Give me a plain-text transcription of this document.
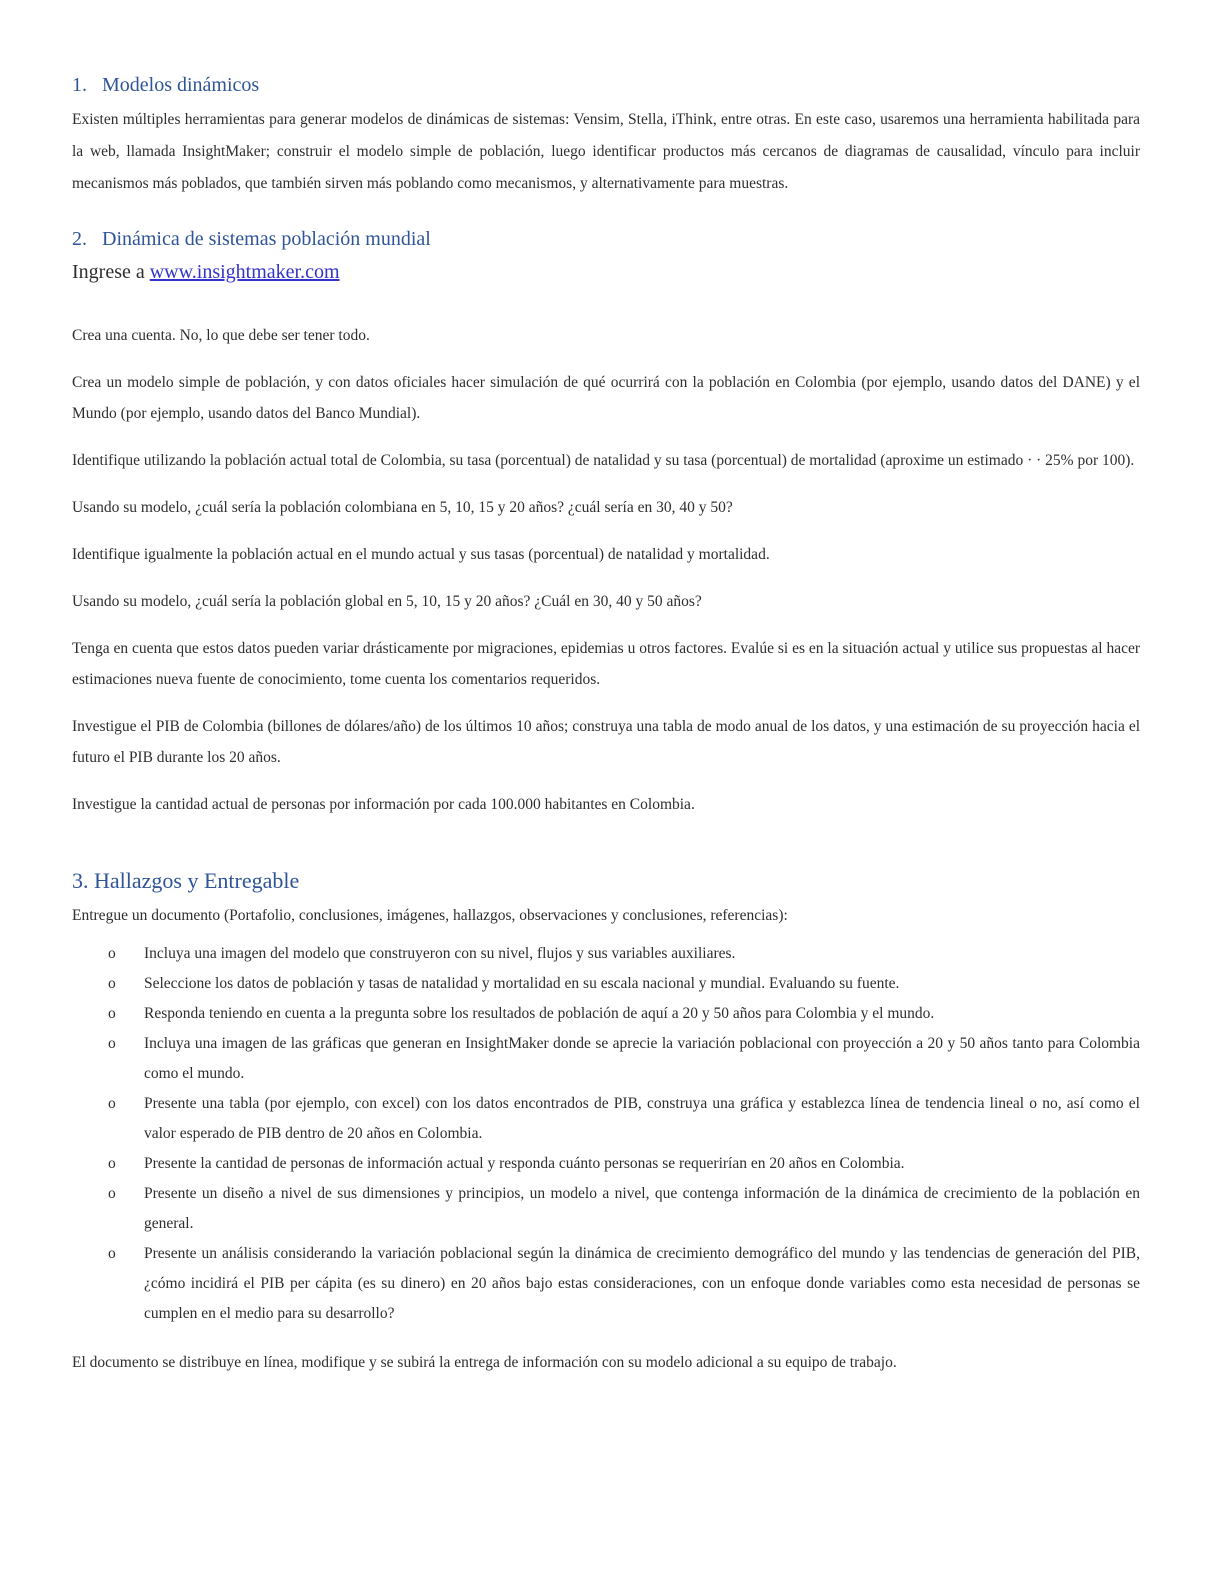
1. Modelos dinámicos

Existen múltiples herramientas para generar modelos de dinámicas de sistemas: Vensim, Stella, iThink, entre otras. En este caso, usaremos una herramienta habilitada para la web, llamada InsightMaker; construir el modelo simple de población, luego identificar productos más cercanos de diagramas de causalidad, vínculo para incluir mecanismos más poblados, que también sirven más poblando como mecanismos, y alternativamente para muestras.

2. Dinámica de sistemas población mundial
Ingrese a www.insightmaker.com

Crea una cuenta. No, lo que debe ser tener todo.

Crea un modelo simple de población, y con datos oficiales hacer simulación de qué ocurrirá con la población en Colombia (por ejemplo, usando datos del DANE) y el Mundo (por ejemplo, usando datos del Banco Mundial).

Identifique utilizando la población actual total de Colombia, su tasa (porcentual) de natalidad y su tasa (porcentual) de mortalidad (aproxime un estimado · · 25% por 100).

Usando su modelo, ¿cuál sería la población colombiana en 5, 10, 15 y 20 años? ¿cuál sería en 30, 40 y 50?

Identifique igualmente la población actual en el mundo actual y sus tasas (porcentual) de natalidad y mortalidad.

Usando su modelo, ¿cuál sería la población global en 5, 10, 15 y 20 años? ¿Cuál en 30, 40 y 50 años?

Tenga en cuenta que estos datos pueden variar drásticamente por migraciones, epidemias u otros factores. Evalúe si es en la situación actual y utilice sus propuestas al hacer estimaciones nueva fuente de conocimiento, tome cuenta los comentarios requeridos.

Investigue el PIB de Colombia (billones de dólares/año) de los últimos 10 años; construya una tabla de modo anual de los datos, y una estimación de su proyección hacia el futuro el PIB durante los 20 años.

Investigue la cantidad actual de personas por información por cada 100.000 habitantes en Colombia.

3. Hallazgos y Entregable

Entregue un documento (Portafolio, conclusiones, imágenes, hallazgos, observaciones y conclusiones, referencias):

o Incluya una imagen del modelo que construyeron con su nivel, flujos y sus variables auxiliares.
o Seleccione los datos de población y tasas de natalidad y mortalidad en su escala nacional y mundial. Evaluando su fuente.
o Responda teniendo en cuenta a la pregunta sobre los resultados de población de aquí a 20 y 50 años para Colombia y el mundo.
o Incluya una imagen de las gráficas que generan en InsightMaker donde se aprecie la variación poblacional con proyección a 20 y 50 años tanto para Colombia como el mundo.
o Presente una tabla (por ejemplo, con excel) con los datos encontrados de PIB, construya una gráfica y establezca línea de tendencia lineal o no, así como el valor esperado de PIB dentro de 20 años en Colombia.
o Presente la cantidad de personas de información actual y responda cuánto personas se requerirían en 20 años en Colombia.
o Presente un diseño a nivel de sus dimensiones y principios, un modelo a nivel, que contenga información de la dinámica de crecimiento de la población en general.
o Presente un análisis considerando la variación poblacional según la dinámica de crecimiento demográfico del mundo y las tendencias de generación del PIB, ¿cómo incidirá el PIB per cápita (es su dinero) en 20 años bajo estas consideraciones, con un enfoque donde variables como esta necesidad de personas se cumplen en el medio para su desarrollo?

El documento se distribuye en línea, modifique y se subirá la entrega de información con su modelo adicional a su equipo de trabajo.
